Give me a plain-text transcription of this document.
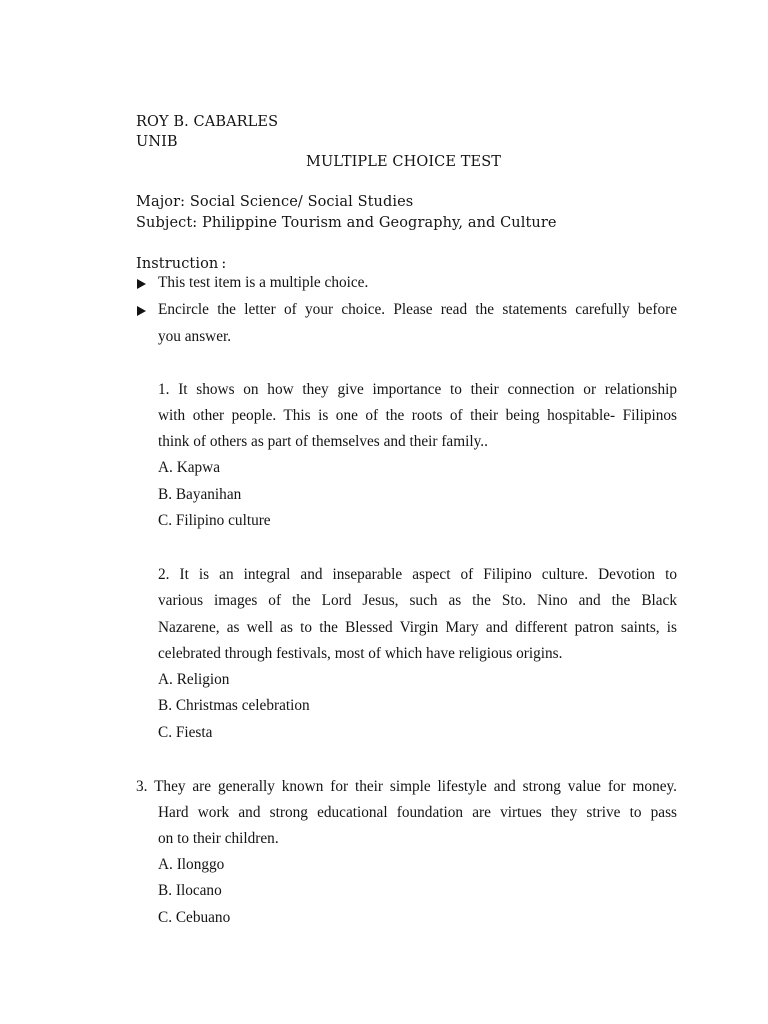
ROY B. CABARLES
UNIB
MULTIPLE CHOICE TEST
Major: Social Science/ Social Studies
Subject: Philippine Tourism and Geography, and Culture
Instruction :
This test item is a multiple choice.
Encircle the letter of your choice. Please read the statements carefully before
you answer.
1. It shows on how they give importance to their connection or relationship
with other people. This is one of the roots of their being hospitable- Filipinos
think of others as part of themselves and their family..
A. Kapwa
B. Bayanihan
C. Filipino culture
2. It is an integral and inseparable aspect of Filipino culture. Devotion to
various images of the Lord Jesus, such as the Sto. Nino and the Black
Nazarene, as well as to the Blessed Virgin Mary and different patron saints, is
celebrated through festivals, most of which have religious origins.
A. Religion
B. Christmas celebration
C. Fiesta
3. They are generally known for their simple lifestyle and strong value for money.
Hard work and strong educational foundation are virtues they strive to pass
on to their children.
A. Ilonggo
B. Ilocano
C. Cebuano
